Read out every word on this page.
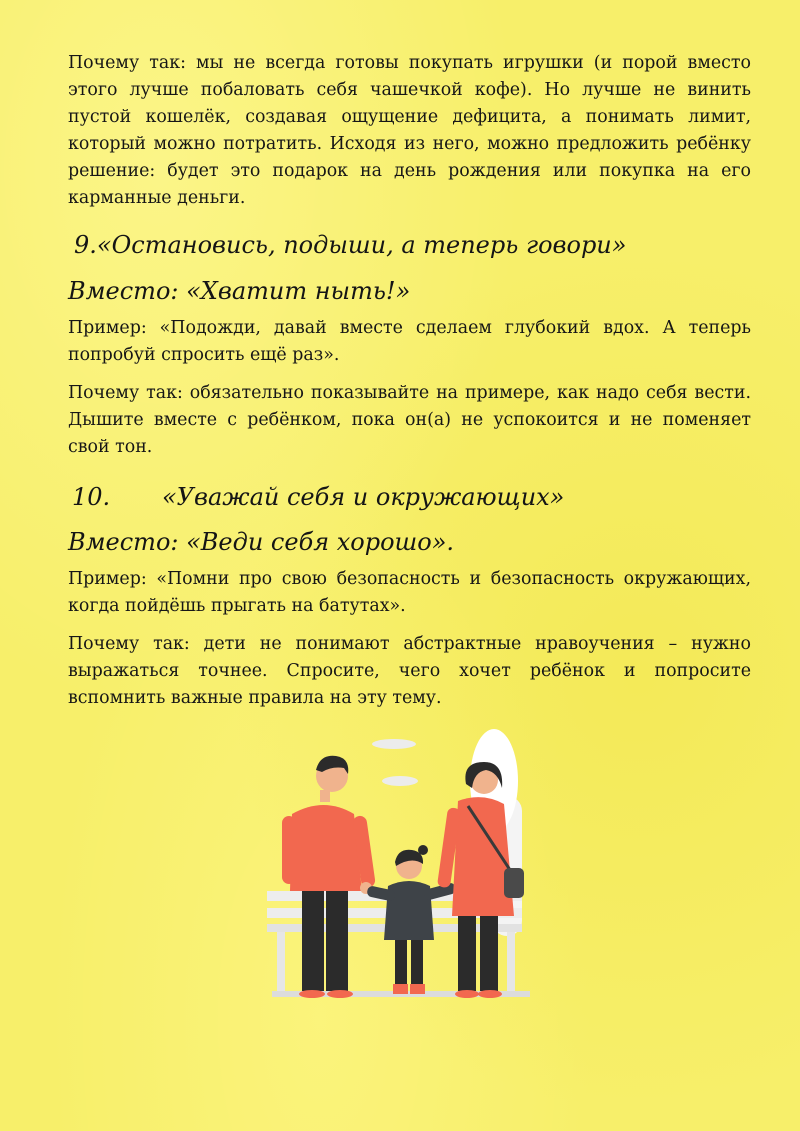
Почему так: мы не всегда готовы покупать игрушки (и порой вместо этого лучше побаловать себя чашечкой кофе). Но лучше не винить пустой кошелёк, создавая ощущение дефицита, а понимать лимит, который можно потратить. Исходя из него, можно предложить ребёнку решение: будет это подарок на день рождения или покупка на его карманные деньги.

9.«Остановись, подыши, а теперь говори»
Вместо: «Хватит ныть!»

Пример: «Подожди, давай вместе сделаем глубокий вдох. А теперь попробуй спросить ещё раз».

Почему так: обязательно показывайте на примере, как надо себя вести. Дышите вместе с ребёнком, пока он(а) не успокоится и не поменяет свой тон.

10. «Уважай себя и окружающих»
Вместо: «Веди себя хорошо».

Пример: «Помни про свою безопасность и безопасность окружающих, когда пойдёшь прыгать на батутах».

Почему так: дети не понимают абстрактные нравоучения – нужно выражаться точнее. Спросите, чего хочет ребёнок и попросите вспомнить важные правила на эту тему.
